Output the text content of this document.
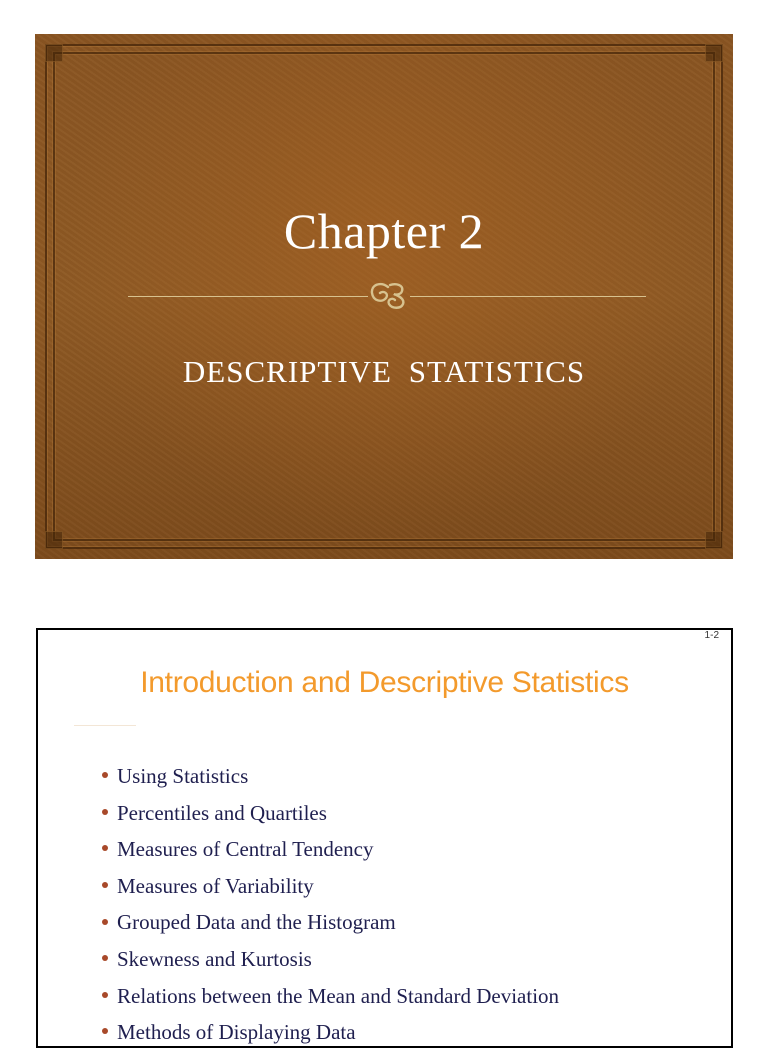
Chapter 2
DESCRIPTIVE STATISTICS
1-2
Introduction and Descriptive Statistics
Using Statistics
Percentiles and Quartiles
Measures of Central Tendency
Measures of Variability
Grouped Data and the Histogram
Skewness and Kurtosis
Relations between the Mean and Standard Deviation
Methods of Displaying Data
